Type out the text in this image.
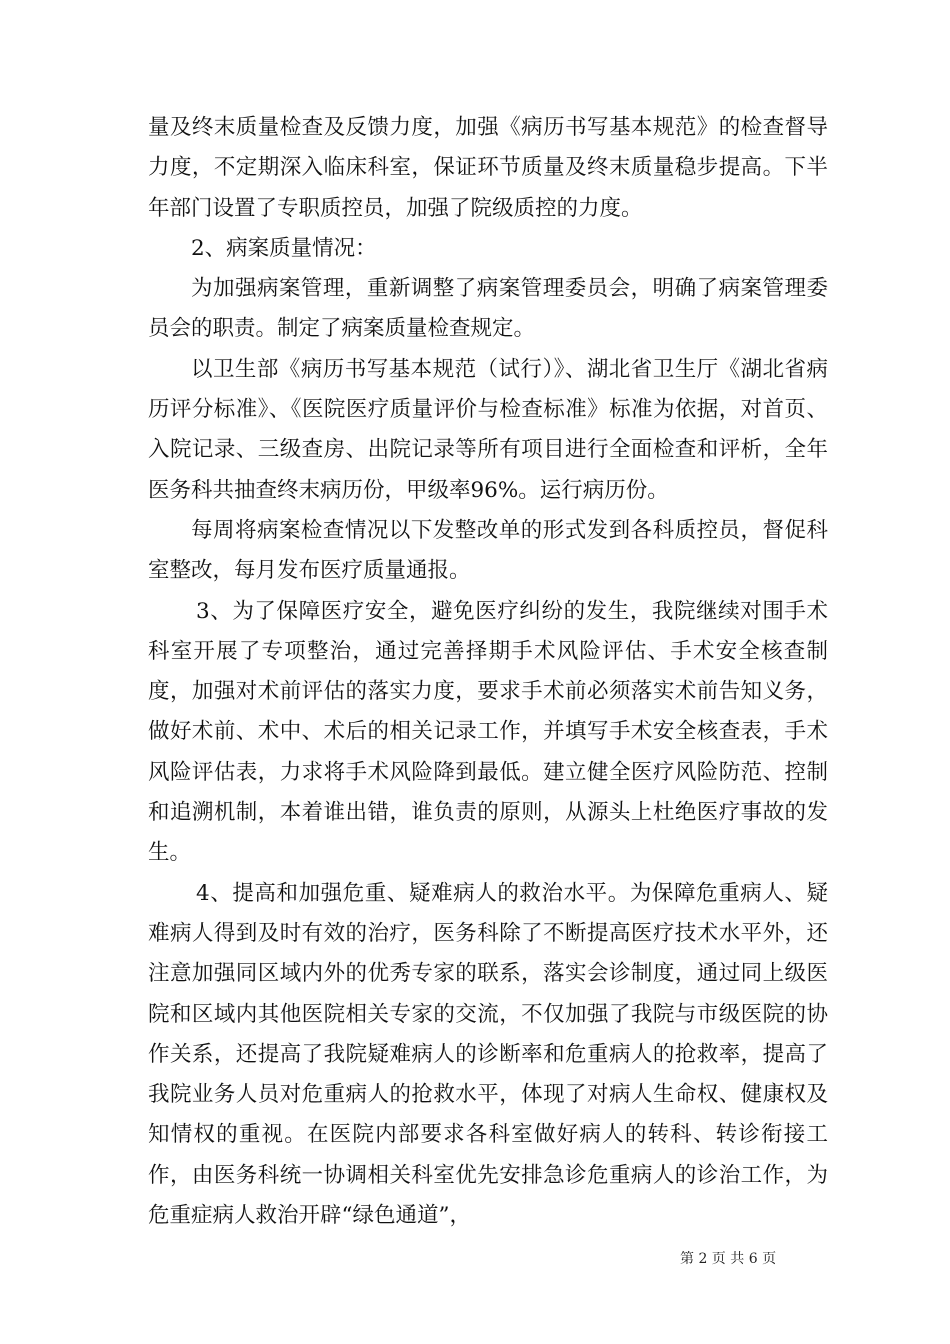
量及终末质量检查及反馈力度，加强《病历书写基本规范》的检查督导力度，不定期深入临床科室，保证环节质量及终末质量稳步提高。下半年部门设置了专职质控员，加强了院级质控的力度。

2、病案质量情况：

为加强病案管理，重新调整了病案管理委员会，明确了病案管理委员会的职责。制定了病案质量检查规定。

以卫生部《病历书写基本规范（试行）》、湖北省卫生厅《湖北省病历评分标准》、《医院医疗质量评价与检查标准》标准为依据，对首页、入院记录、三级查房、出院记录等所有项目进行全面检查和评析，全年医务科共抽查终末病历份，甲级率96%。运行病历份。

每周将病案检查情况以下发整改单的形式发到各科质控员，督促科室整改，每月发布医疗质量通报。

3、为了保障医疗安全，避免医疗纠纷的发生，我院继续对围手术科室开展了专项整治，通过完善择期手术风险评估、手术安全核查制度，加强对术前评估的落实力度，要求手术前必须落实术前告知义务，做好术前、术中、术后的相关记录工作，并填写手术安全核查表，手术风险评估表，力求将手术风险降到最低。建立健全医疗风险防范、控制和追溯机制，本着谁出错，谁负责的原则，从源头上杜绝医疗事故的发生。

4、提高和加强危重、疑难病人的救治水平。为保障危重病人、疑难病人得到及时有效的治疗，医务科除了不断提高医疗技术水平外，还注意加强同区域内外的优秀专家的联系，落实会诊制度，通过同上级医院和区域内其他医院相关专家的交流，不仅加强了我院与市级医院的协作关系，还提高了我院疑难病人的诊断率和危重病人的抢救率，提高了我院业务人员对危重病人的抢救水平，体现了对病人生命权、健康权及知情权的重视。在医院内部要求各科室做好病人的转科、转诊衔接工作，由医务科统一协调相关科室优先安排急诊危重病人的诊治工作，为危重症病人救治开辟“绿色通道”，

第 2 页 共 6 页
